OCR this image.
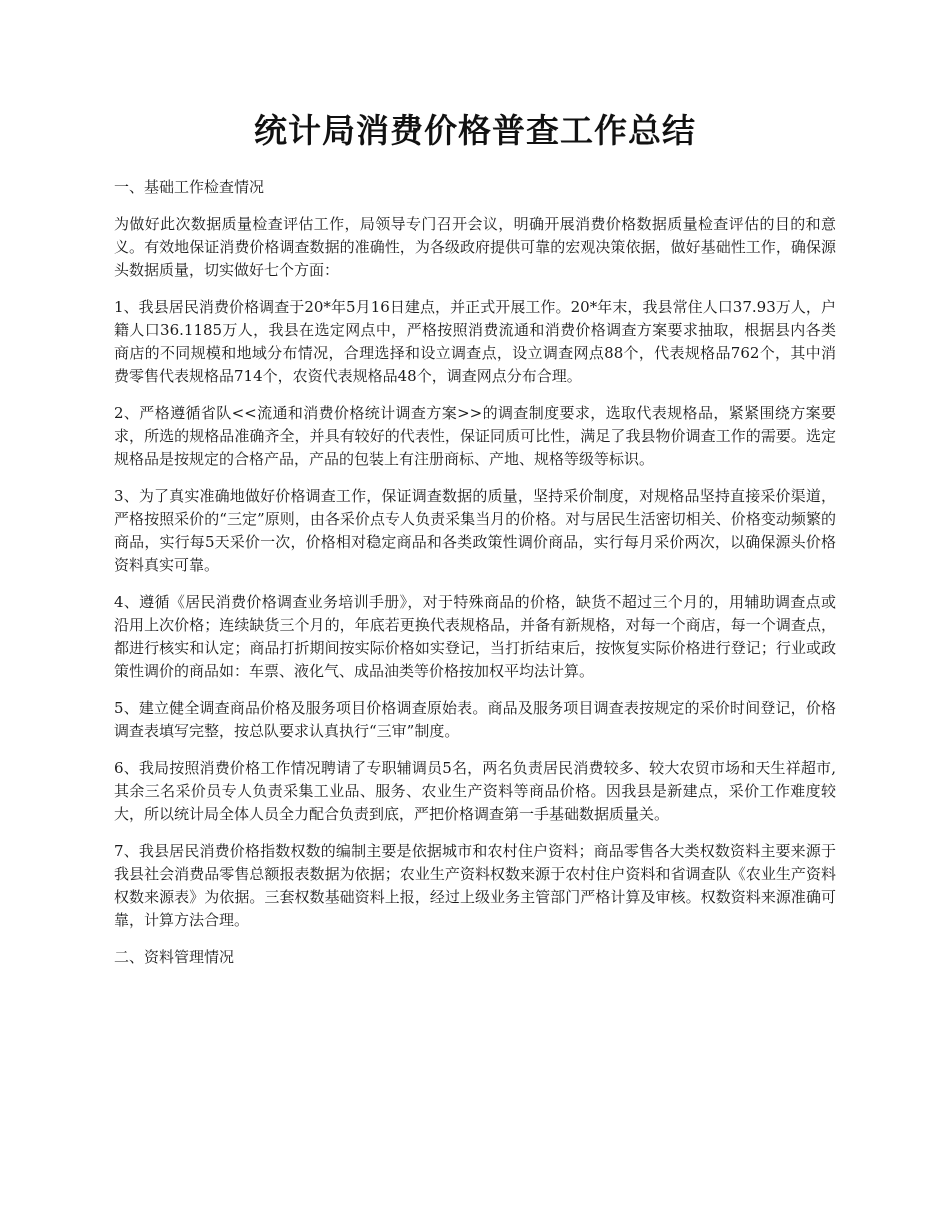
统计局消费价格普查工作总结
一、基础工作检查情况

为做好此次数据质量检查评估工作，局领导专门召开会议，明确开展消费价格数据质量检查评估的目的和意义。有效地保证消费价格调查数据的准确性，为各级政府提供可靠的宏观决策依据，做好基础性工作，确保源头数据质量，切实做好七个方面：

1、我县居民消费价格调查于20*年5月16日建点，并正式开展工作。20*年末，我县常住人口37.93万人，户籍人口36.1185万人，我县在选定网点中，严格按照消费流通和消费价格调查方案要求抽取，根据县内各类商店的不同规模和地域分布情况，合理选择和设立调查点，设立调查网点88个，代表规格品762个，其中消费零售代表规格品714个，农资代表规格品48个，调查网点分布合理。

2、严格遵循省队<<流通和消费价格统计调查方案>>的调查制度要求，选取代表规格品，紧紧围绕方案要求，所选的规格品准确齐全，并具有较好的代表性，保证同质可比性，满足了我县物价调查工作的需要。选定规格品是按规定的合格产品，产品的包装上有注册商标、产地、规格等级等标识。

3、为了真实准确地做好价格调查工作，保证调查数据的质量，坚持采价制度，对规格品坚持直接采价渠道，严格按照采价的“三定”原则，由各采价点专人负责采集当月的价格。对与居民生活密切相关、价格变动频繁的商品，实行每5天采价一次，价格相对稳定商品和各类政策性调价商品，实行每月采价两次，以确保源头价格资料真实可靠。

4、遵循《居民消费价格调查业务培训手册》，对于特殊商品的价格，缺货不超过三个月的，用辅助调查点或沿用上次价格；连续缺货三个月的，年底若更换代表规格品，并备有新规格，对每一个商店，每一个调查点，都进行核实和认定；商品打折期间按实际价格如实登记，当打折结束后，按恢复实际价格进行登记；行业或政策性调价的商品如：车票、液化气、成品油类等价格按加权平均法计算。

5、建立健全调查商品价格及服务项目价格调查原始表。商品及服务项目调查表按规定的采价时间登记，价格调查表填写完整，按总队要求认真执行“三审”制度。

6、我局按照消费价格工作情况聘请了专职辅调员5名，两名负责居民消费较多、较大农贸市场和天生祥超市,其余三名采价员专人负责采集工业品、服务、农业生产资料等商品价格。因我县是新建点，采价工作难度较大，所以统计局全体人员全力配合负责到底，严把价格调查第一手基础数据质量关。

7、我县居民消费价格指数权数的编制主要是依据城市和农村住户资料；商品零售各大类权数资料主要来源于我县社会消费品零售总额报表数据为依据；农业生产资料权数来源于农村住户资料和省调查队《农业生产资料权数来源表》为依据。三套权数基础资料上报，经过上级业务主管部门严格计算及审核。权数资料来源准确可靠，计算方法合理。

二、资料管理情况
